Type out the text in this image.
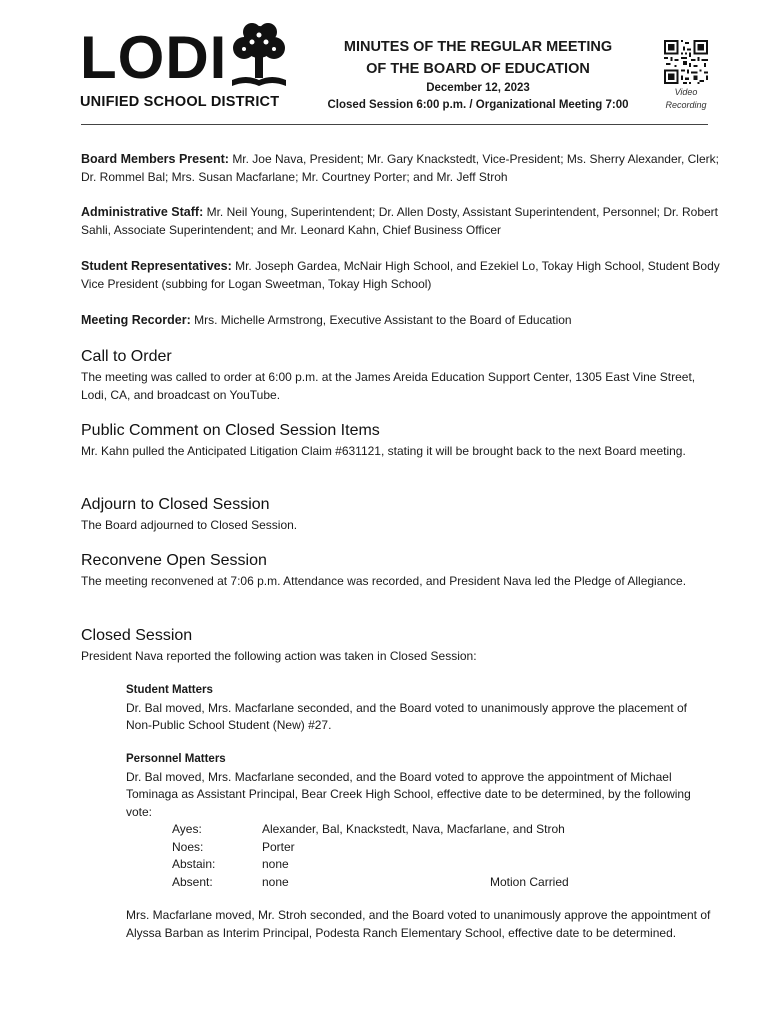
LODI
UNIFIED SCHOOL DISTRICT
MINUTES OF THE REGULAR MEETING
OF THE BOARD OF EDUCATION
December 12, 2023
Closed Session 6:00 p.m. / Organizational Meeting 7:00
Video
Recording
Board Members Present: Mr. Joe Nava, President; Mr. Gary Knackstedt, Vice-President; Ms. Sherry Alexander, Clerk; Dr. Rommel Bal; Mrs. Susan Macfarlane; Mr. Courtney Porter; and Mr. Jeff Stroh
Administrative Staff: Mr. Neil Young, Superintendent; Dr. Allen Dosty, Assistant Superintendent, Personnel; Dr. Robert Sahli, Associate Superintendent; and Mr. Leonard Kahn, Chief Business Officer
Student Representatives: Mr. Joseph Gardea, McNair High School, and Ezekiel Lo, Tokay High School, Student Body Vice President (subbing for Logan Sweetman, Tokay High School)
Meeting Recorder: Mrs. Michelle Armstrong, Executive Assistant to the Board of Education
Call to Order
The meeting was called to order at 6:00 p.m. at the James Areida Education Support Center, 1305 East Vine Street, Lodi, CA, and broadcast on YouTube.
Public Comment on Closed Session Items
Mr. Kahn pulled the Anticipated Litigation Claim #631121, stating it will be brought back to the next Board meeting.
Adjourn to Closed Session
The Board adjourned to Closed Session.
Reconvene Open Session
The meeting reconvened at 7:06 p.m. Attendance was recorded, and President Nava led the Pledge of Allegiance.
Closed Session
President Nava reported the following action was taken in Closed Session:
Student Matters
Dr. Bal moved, Mrs. Macfarlane seconded, and the Board voted to unanimously approve the placement of Non-Public School Student (New) #27.
Personnel Matters
Dr. Bal moved, Mrs. Macfarlane seconded, and the Board voted to approve the appointment of Michael Tominaga as Assistant Principal, Bear Creek High School, effective date to be determined, by the following vote:
Ayes:	Alexander, Bal, Knackstedt, Nava, Macfarlane, and Stroh
Noes:	Porter
Abstain:	none
Absent:	none	Motion Carried
Mrs. Macfarlane moved, Mr. Stroh seconded, and the Board voted to unanimously approve the appointment of Alyssa Barban as Interim Principal, Podesta Ranch Elementary School, effective date to be determined.
